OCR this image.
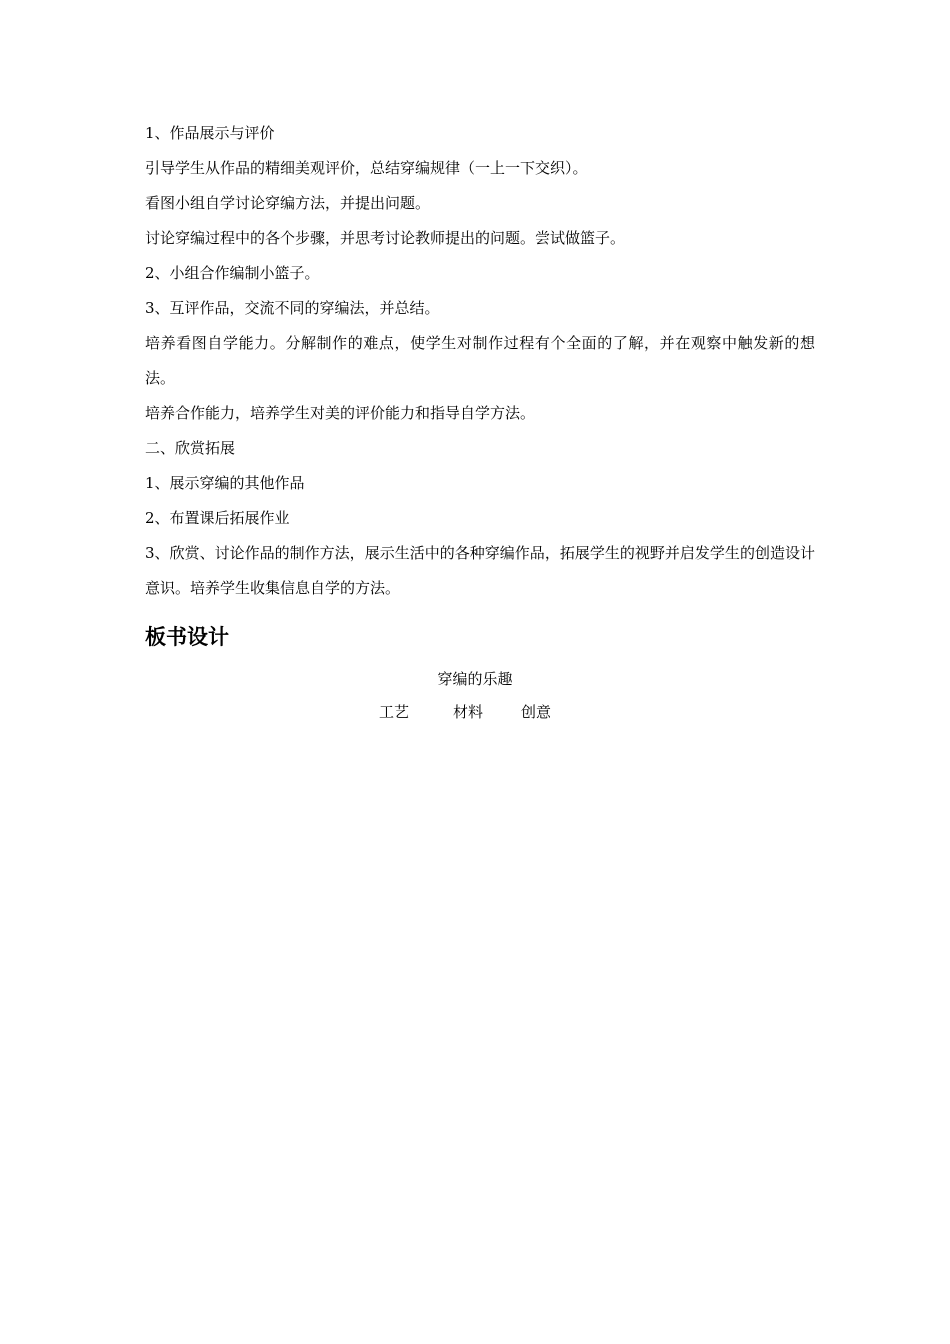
1、作品展示与评价

引导学生从作品的精细美观评价，总结穿编规律（一上一下交织）。

看图小组自学讨论穿编方法，并提出问题。

讨论穿编过程中的各个步骤，并思考讨论教师提出的问题。尝试做篮子。

2、小组合作编制小篮子。

3、互评作品，交流不同的穿编法，并总结。

培养看图自学能力。分解制作的难点，使学生对制作过程有个全面的了解，并在观察中触发新的想法。

培养合作能力，培养学生对美的评价能力和指导自学方法。

二、欣赏拓展

1、展示穿编的其他作品

2、布置课后拓展作业

3、欣赏、讨论作品的制作方法，展示生活中的各种穿编作品，拓展学生的视野并启发学生的创造设计意识。培养学生收集信息自学的方法。

板书设计

穿编的乐趣

工艺	材料	创意
